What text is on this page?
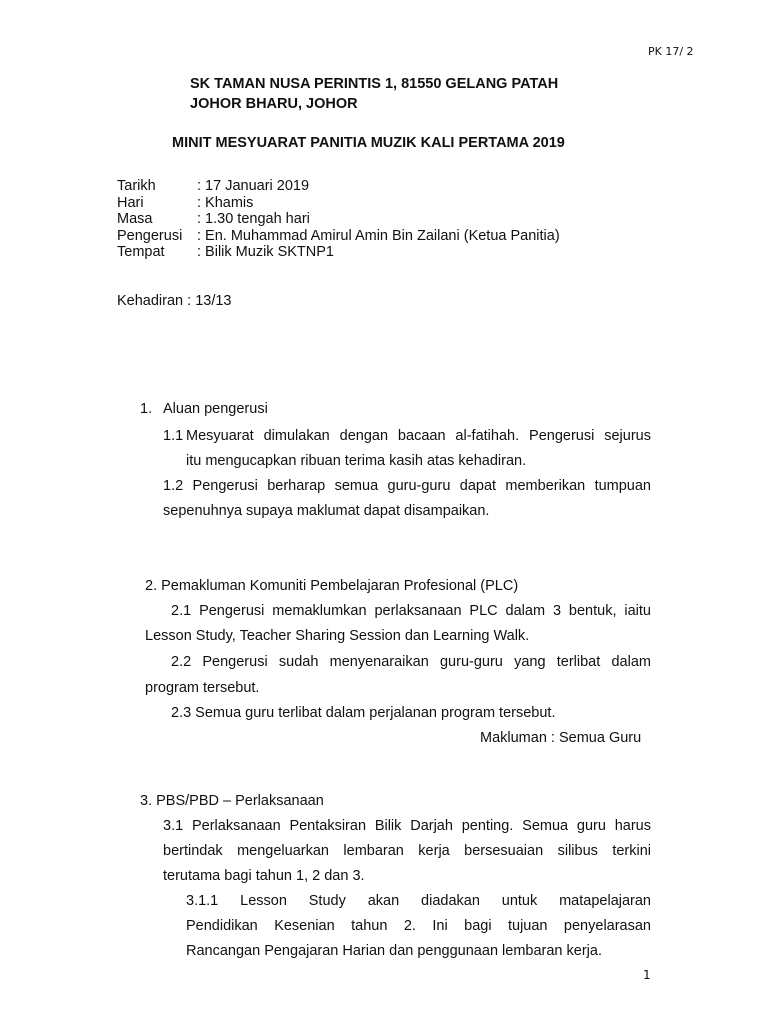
PK 17/ 2
SK TAMAN NUSA PERINTIS 1, 81550 GELANG PATAH
JOHOR BHARU, JOHOR
MINIT MESYUARAT PANITIA MUZIK KALI PERTAMA 2019
Tarikh	: 17 Januari 2019
Hari	: Khamis
Masa	: 1.30 tengah hari
Pengerusi	: En. Muhammad Amirul Amin Bin Zailani (Ketua Panitia)
Tempat	: Bilik Muzik SKTNP1
Kehadiran : 13/13
1. Aluan pengerusi
1.1 Mesyuarat dimulakan dengan bacaan al-fatihah. Pengerusi sejurus
itu mengucapkan ribuan terima kasih atas kehadiran.
1.2 Pengerusi berharap semua guru-guru dapat memberikan tumpuan
sepenuhnya supaya maklumat dapat disampaikan.
2. Pemakluman Komuniti Pembelajaran Profesional (PLC)
2.1 Pengerusi memaklumkan perlaksanaan PLC dalam 3 bentuk, iaitu
Lesson Study, Teacher Sharing Session dan Learning Walk.
2.2 Pengerusi sudah menyenaraikan guru-guru yang terlibat dalam
program tersebut.
2.3 Semua guru terlibat dalam perjalanan program tersebut.
Makluman : Semua Guru
3. PBS/PBD – Perlaksanaan
3.1 Perlaksanaan Pentaksiran Bilik Darjah penting. Semua guru harus
bertindak mengeluarkan lembaran kerja bersesuaian silibus terkini
terutama bagi tahun 1, 2 dan 3.
3.1.1 Lesson Study akan diadakan untuk matapelajaran
Pendidikan Kesenian tahun 2. Ini bagi tujuan penyelarasan
Rancangan Pengajaran Harian dan penggunaan lembaran kerja.
1
